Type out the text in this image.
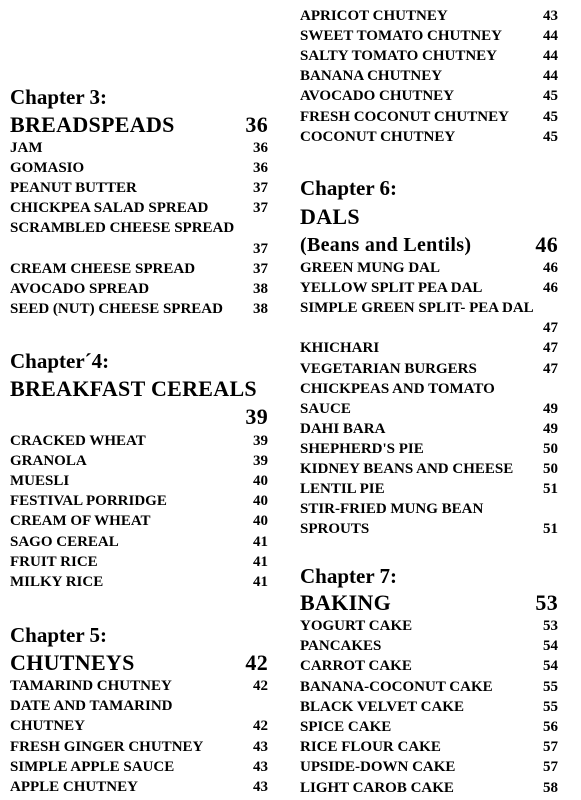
Chapter 3:
BREADSPEADS	36
JAM	36
GOMASIO	36
PEANUT BUTTER	37
CHICKPEA SALAD SPREAD	37
SCRAMBLED CHEESE SPREAD
37
CREAM CHEESE SPREAD	37
AVOCADO SPREAD	38
SEED (NUT) CHEESE SPREAD 38
Chapter´4:
BREAKFAST CEREALS
39
CRACKED WHEAT	39
GRANOLA	39
MUESLI	40
FESTIVAL PORRIDGE	40
CREAM OF WHEAT	40
SAGO CEREAL	41
FRUIT RICE	41
MILKY RICE	41
Chapter 5:
CHUTNEYS	42
TAMARIND CHUTNEY	42
DATE AND TAMARIND
CHUTNEY	42
FRESH GINGER CHUTNEY	43
SIMPLE APPLE SAUCE	43
APPLE CHUTNEY	43
APRICOT CHUTNEY	43
SWEET TOMATO CHUTNEY	44
SALTY TOMATO CHUTNEY	44
BANANA CHUTNEY	44
AVOCADO CHUTNEY	45
FRESH COCONUT CHUTNEY 45
COCONUT CHUTNEY	45
Chapter 6:
DALS
(Beans and Lentils)	46
GREEN MUNG DAL	46
YELLOW SPLIT PEA DAL	46
SIMPLE GREEN SPLIT- PEA DAL
47
KHICHARI	47
VEGETARIAN BURGERS	47
CHICKPEAS AND TOMATO
SAUCE	49
DAHI BARA	49
SHEPHERD'S PIE	50
KIDNEY BEANS AND CHEESE 50
LENTIL PIE	51
STIR-FRIED MUNG BEAN
SPROUTS	51
Chapter 7:
BAKING	53
YOGURT CAKE	53
PANCAKES	54
CARROT CAKE	54
BANANA-COCONUT CAKE	55
BLACK VELVET CAKE	55
SPICE CAKE	56
RICE FLOUR CAKE	57
UPSIDE-DOWN CAKE	57
LIGHT CAROB CAKE	58
